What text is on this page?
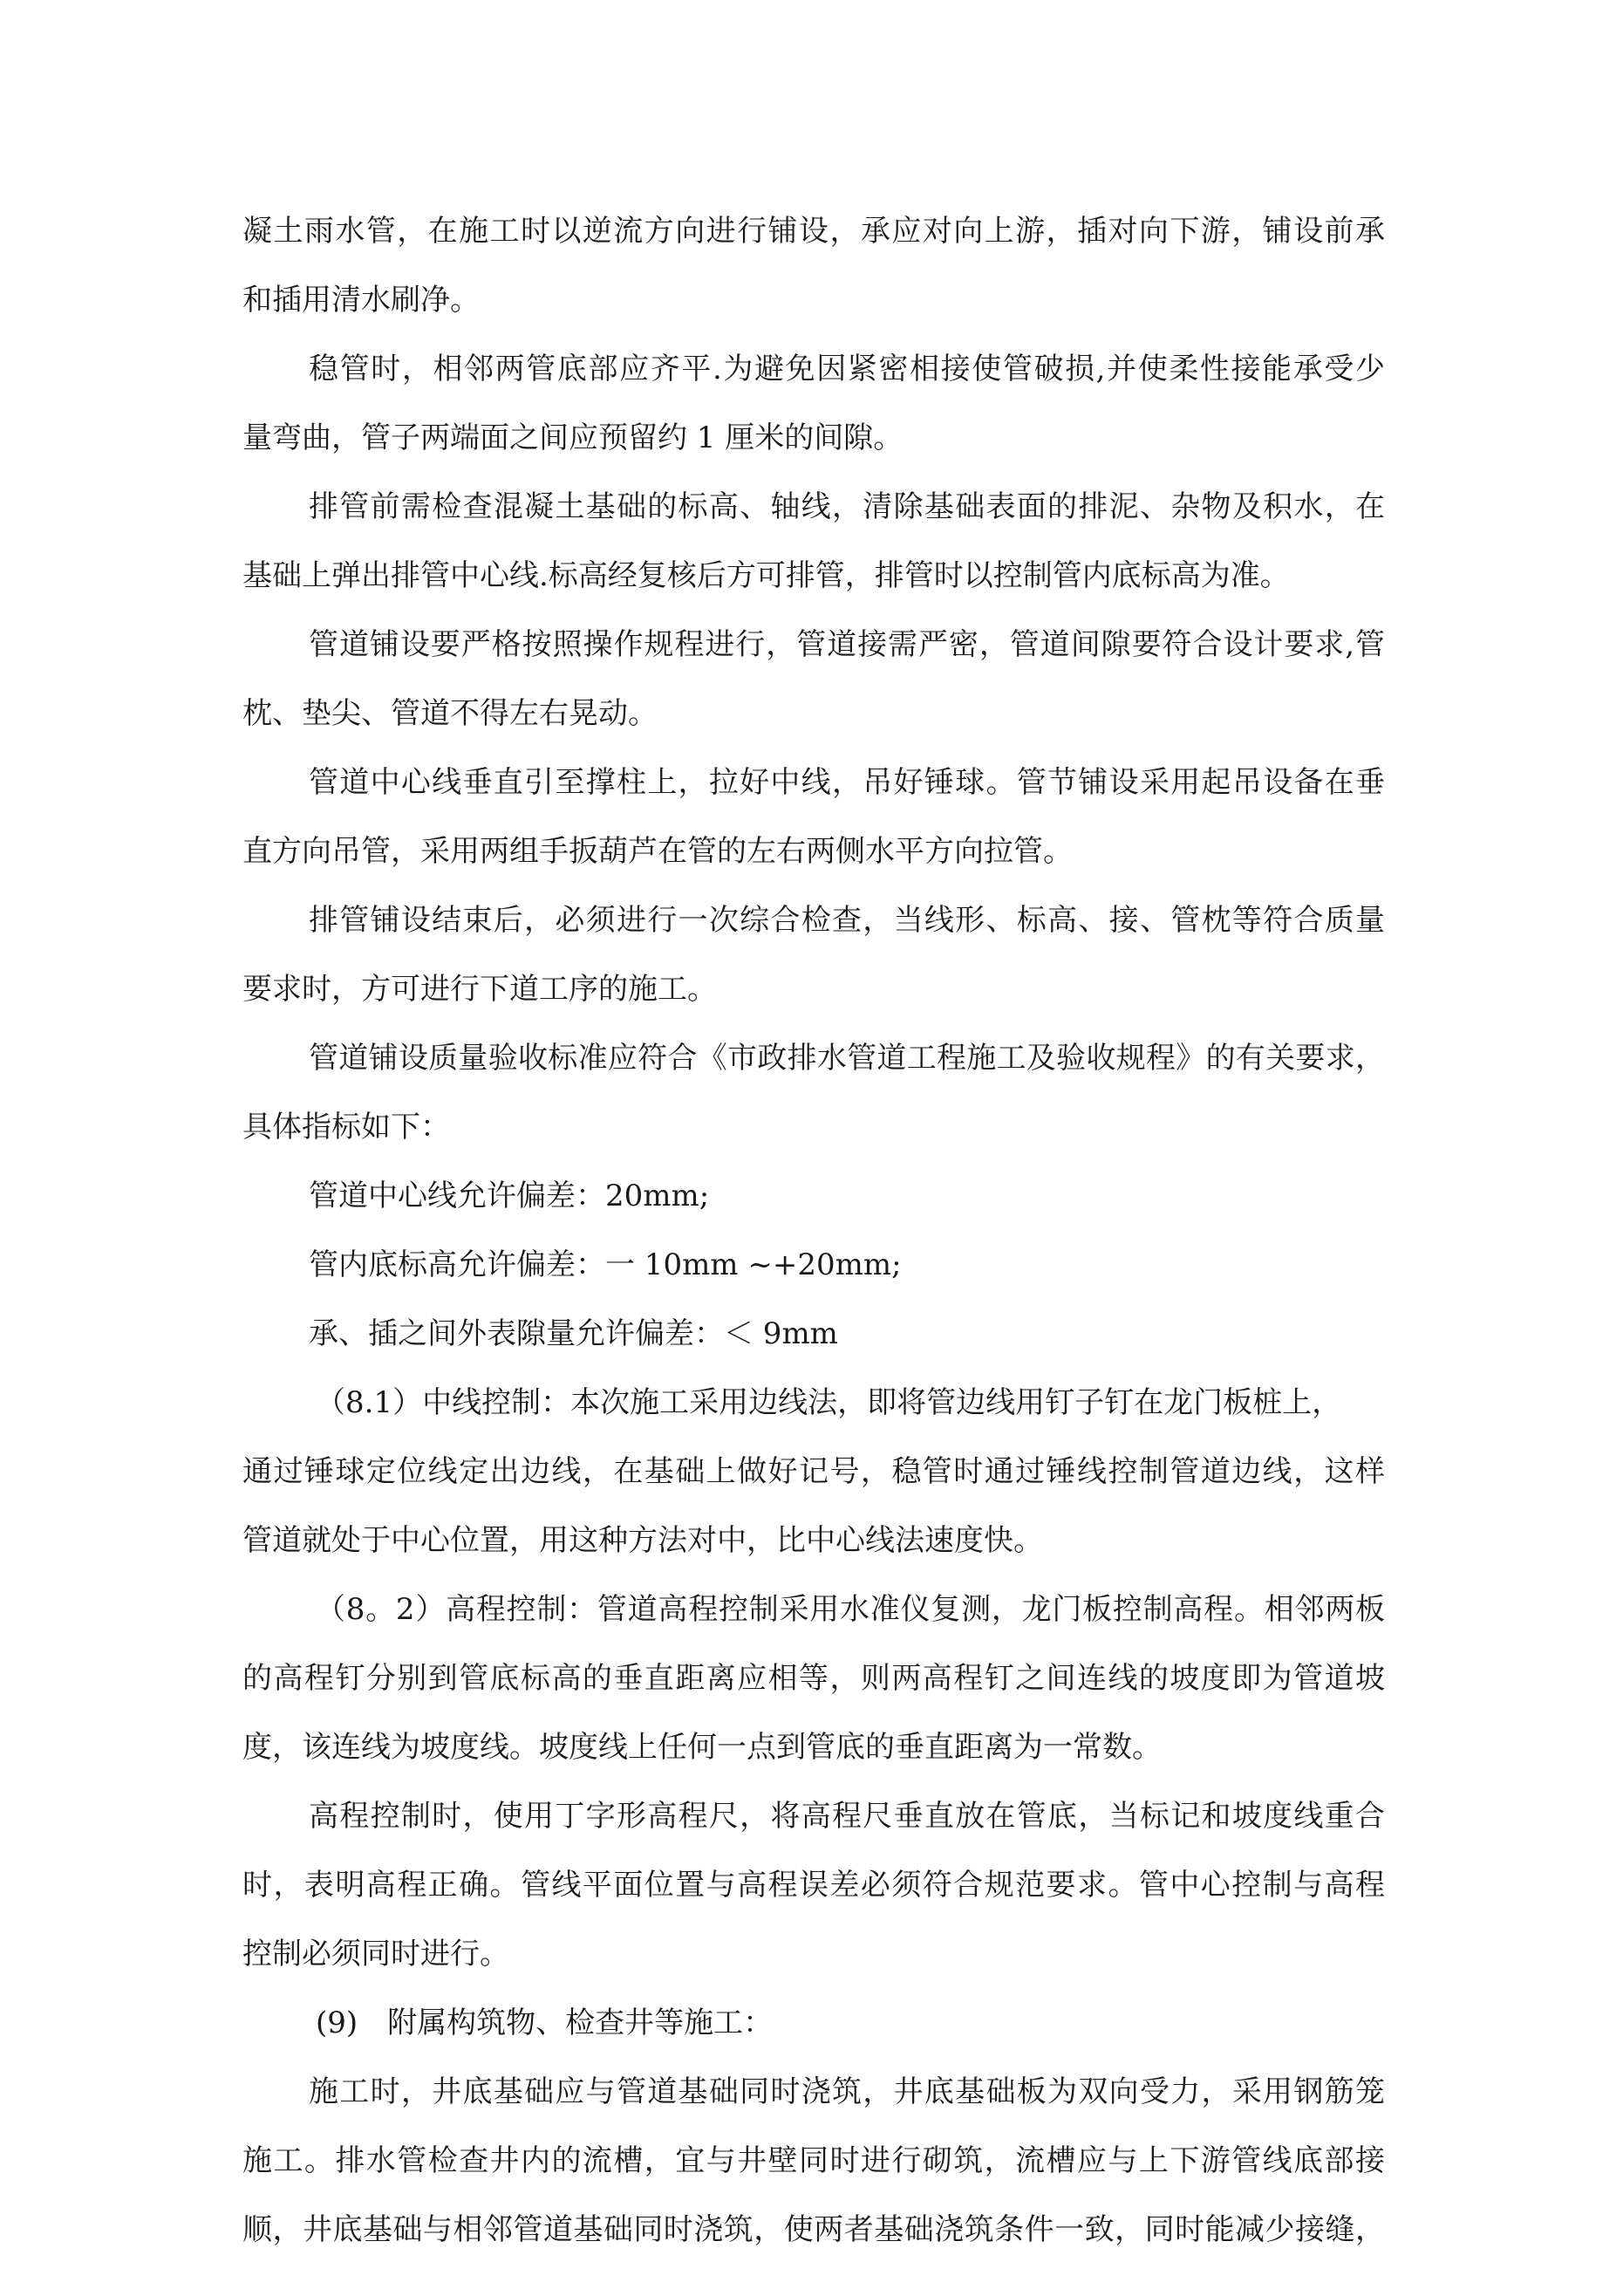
凝土雨水管，在施工时以逆流方向进行铺设，承应对向上游，插对向下游，铺设前承
和插用清水刷净。
稳管时，相邻两管底部应齐平.为避免因紧密相接使管破损,并使柔性接能承受少
量弯曲，管子两端面之间应预留约 1 厘米的间隙。
排管前需检查混凝土基础的标高、轴线，清除基础表面的排泥、杂物及积水，在
基础上弹出排管中心线.标高经复核后方可排管，排管时以控制管内底标高为准。
管道铺设要严格按照操作规程进行，管道接需严密，管道间隙要符合设计要求,管
枕、垫尖、管道不得左右晃动。
管道中心线垂直引至撑柱上，拉好中线，吊好锤球。管节铺设采用起吊设备在垂
直方向吊管，采用两组手扳葫芦在管的左右两侧水平方向拉管。
排管铺设结束后，必须进行一次综合检查，当线形、标高、接、管枕等符合质量
要求时，方可进行下道工序的施工。
管道铺设质量验收标准应符合《市政排水管道工程施工及验收规程》的有关要求，
具体指标如下：
管道中心线允许偏差：20mm;
管内底标高允许偏差：一 10mm ~+20mm;
承、插之间外表隙量允许偏差：＜ 9mm
（8.1）中线控制：本次施工采用边线法，即将管边线用钉子钉在龙门板桩上，
通过锤球定位线定出边线，在基础上做好记号，稳管时通过锤线控制管道边线，这样
管道就处于中心位置，用这种方法对中，比中心线法速度快。
（8。2）高程控制：管道高程控制采用水准仪复测，龙门板控制高程。相邻两板
的高程钉分别到管底标高的垂直距离应相等，则两高程钉之间连线的坡度即为管道坡
度，该连线为坡度线。坡度线上任何一点到管底的垂直距离为一常数。
高程控制时，使用丁字形高程尺，将高程尺垂直放在管底，当标记和坡度线重合
时，表明高程正确。管线平面位置与高程误差必须符合规范要求。管中心控制与高程
控制必须同时进行。
(9)　附属构筑物、检查井等施工：
施工时，井底基础应与管道基础同时浇筑，井底基础板为双向受力，采用钢筋笼
施工。排水管检查井内的流槽，宜与井壁同时进行砌筑，流槽应与上下游管线底部接
顺，井底基础与相邻管道基础同时浇筑，使两者基础浇筑条件一致，同时能减少接缝，
